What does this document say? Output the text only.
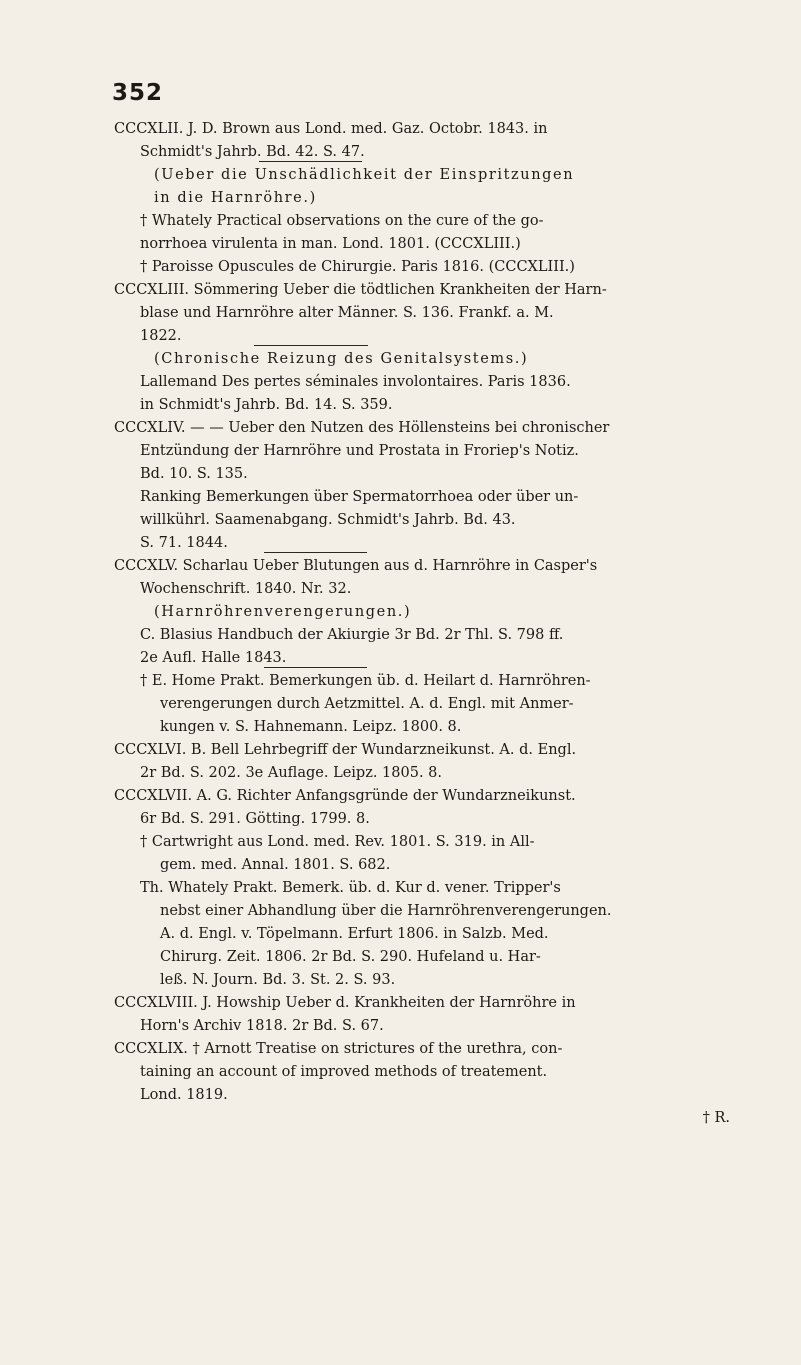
352
CCCXLII. J. D. Brown aus Lond. med. Gaz. Octobr. 1843. in
Schmidt's Jahrb. Bd. 42. S. 47.
(Ueber die Unschädlichkeit der Einspritzungen
in die Harnröhre.)
† Whately Practical observations on the cure of the go-
norrhoea virulenta in man. Lond. 1801. (CCCXLIII.)
† Paroisse Opuscules de Chirurgie. Paris 1816. (CCCXLIII.)
CCCXLIII. Sömmering Ueber die tödtlichen Krankheiten der Harn-
blase und Harnröhre alter Männer. S. 136. Frankf. a. M.
1822.
(Chronische Reizung des Genitalsystems.)
Lallemand Des pertes séminales involontaires. Paris 1836.
in Schmidt's Jahrb. Bd. 14. S. 359.
CCCXLIV. — — Ueber den Nutzen des Höllensteins bei chronischer
Entzündung der Harnröhre und Prostata in Froriep's Notiz.
Bd. 10. S. 135.
Ranking Bemerkungen über Spermatorrhoea oder über un-
willkührl. Saamenabgang. Schmidt's Jahrb. Bd. 43.
S. 71. 1844.
CCCXLV. Scharlau Ueber Blutungen aus d. Harnröhre in Casper's
Wochenschrift. 1840. Nr. 32.
(Harnröhrenverengerungen.)
C. Blasius Handbuch der Akiurgie 3r Bd. 2r Thl. S. 798 ff.
2e Aufl. Halle 1843.
† E. Home Prakt. Bemerkungen üb. d. Heilart d. Harnröhren-
verengerungen durch Aetzmittel. A. d. Engl. mit Anmer-
kungen v. S. Hahnemann. Leipz. 1800. 8.
CCCXLVI. B. Bell Lehrbegriff der Wundarzneikunst. A. d. Engl.
2r Bd. S. 202. 3e Auflage. Leipz. 1805. 8.
CCCXLVII. A. G. Richter Anfangsgründe der Wundarzneikunst.
6r Bd. S. 291. Götting. 1799. 8.
† Cartwright aus Lond. med. Rev. 1801. S. 319. in All-
gem. med. Annal. 1801. S. 682.
Th. Whately Prakt. Bemerk. üb. d. Kur d. vener. Tripper's
nebst einer Abhandlung über die Harnröhrenverengerungen.
A. d. Engl. v. Töpelmann. Erfurt 1806. in Salzb. Med.
Chirurg. Zeit. 1806. 2r Bd. S. 290. Hufeland u. Har-
leß. N. Journ. Bd. 3. St. 2. S. 93.
CCCXLVIII. J. Howship Ueber d. Krankheiten der Harnröhre in
Horn's Archiv 1818. 2r Bd. S. 67.
CCCXLIX. † Arnott Treatise on strictures of the urethra, con-
taining an account of improved methods of treatement.
Lond. 1819.
† R.
